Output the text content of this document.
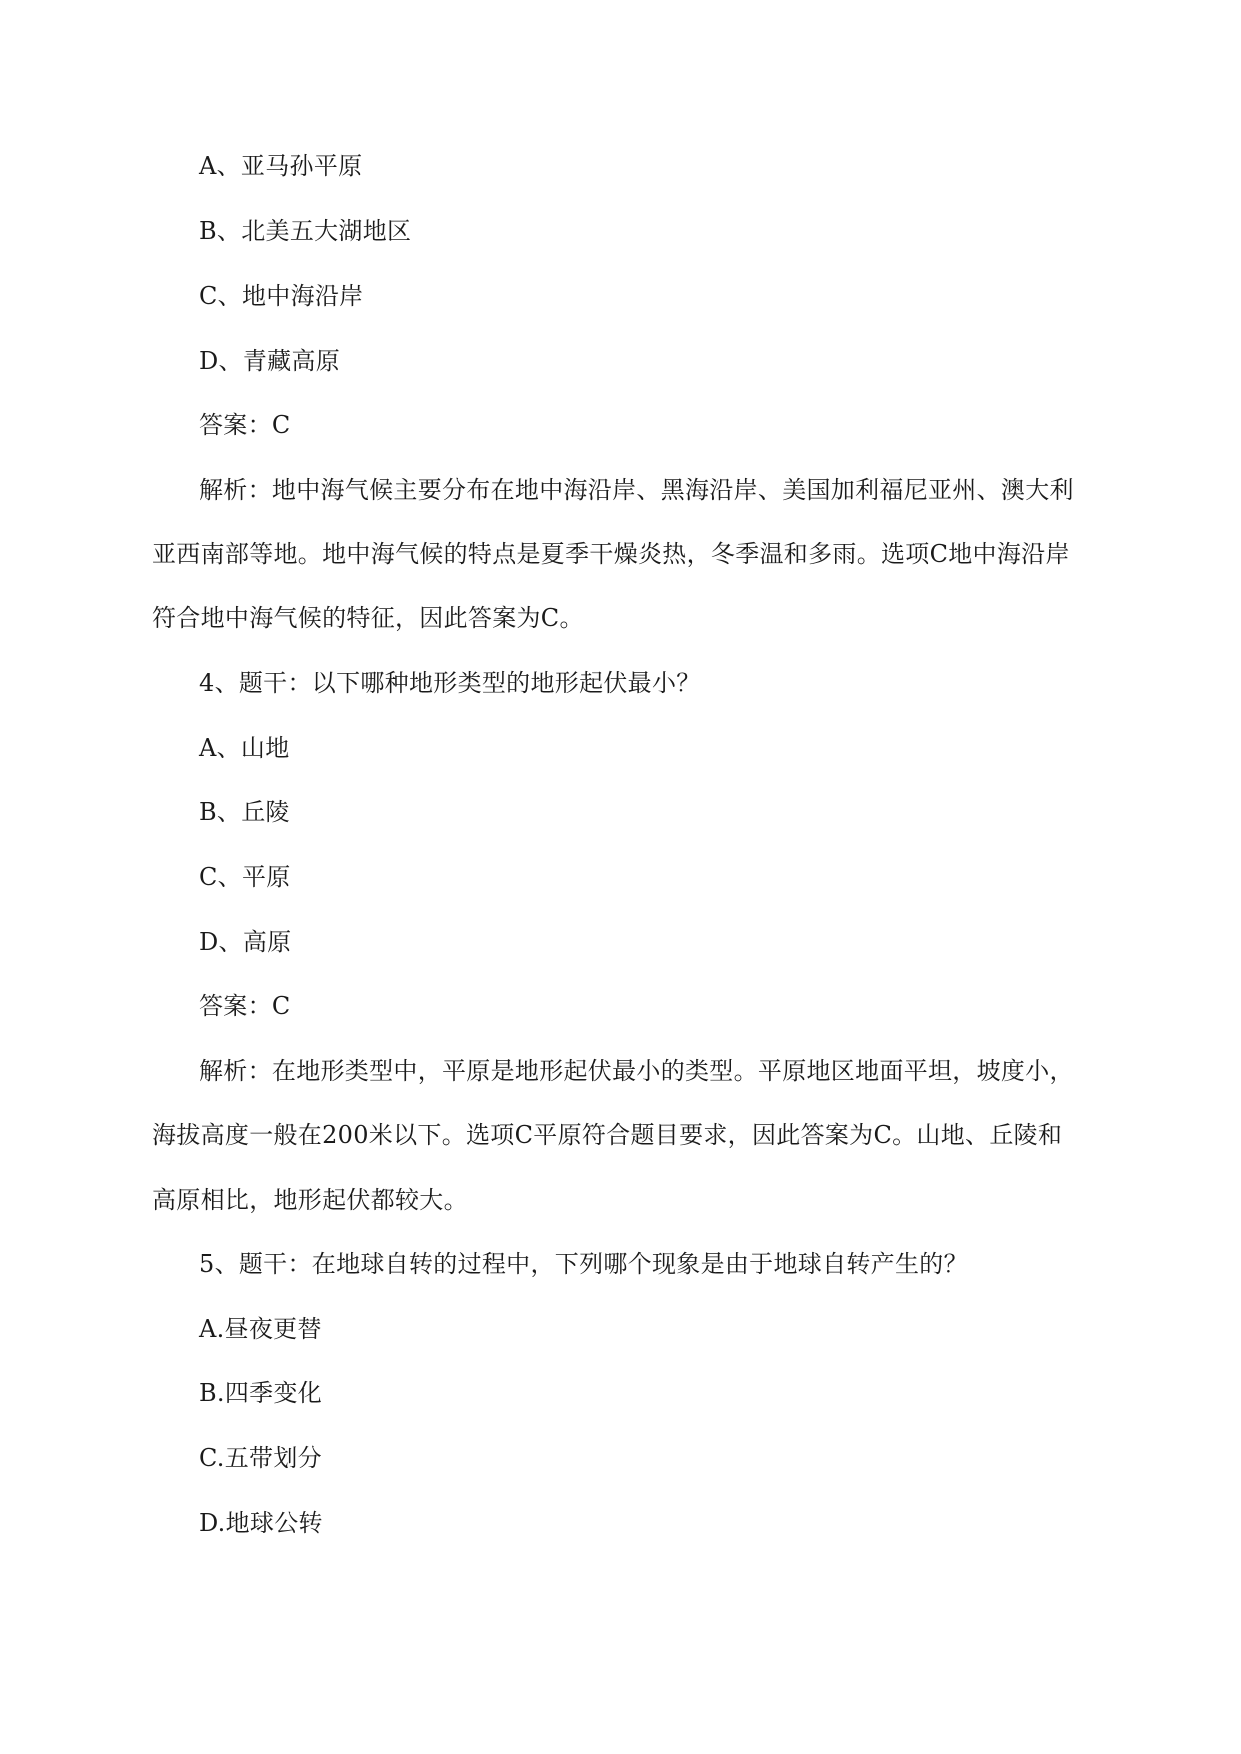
A、亚马孙平原
B、北美五大湖地区
C、地中海沿岸
D、青藏高原
答案：C
解析：地中海气候主要分布在地中海沿岸、黑海沿岸、美国加利福尼亚州、澳大利
亚西南部等地。地中海气候的特点是夏季干燥炎热，冬季温和多雨。选项C地中海沿岸
符合地中海气候的特征，因此答案为C。
4、题干：以下哪种地形类型的地形起伏最小？
A、山地
B、丘陵
C、平原
D、高原
答案：C
解析：在地形类型中，平原是地形起伏最小的类型。平原地区地面平坦，坡度小，
海拔高度一般在200米以下。选项C平原符合题目要求，因此答案为C。山地、丘陵和
高原相比，地形起伏都较大。
5、题干：在地球自转的过程中，下列哪个现象是由于地球自转产生的？
A.昼夜更替
B.四季变化
C.五带划分
D.地球公转
